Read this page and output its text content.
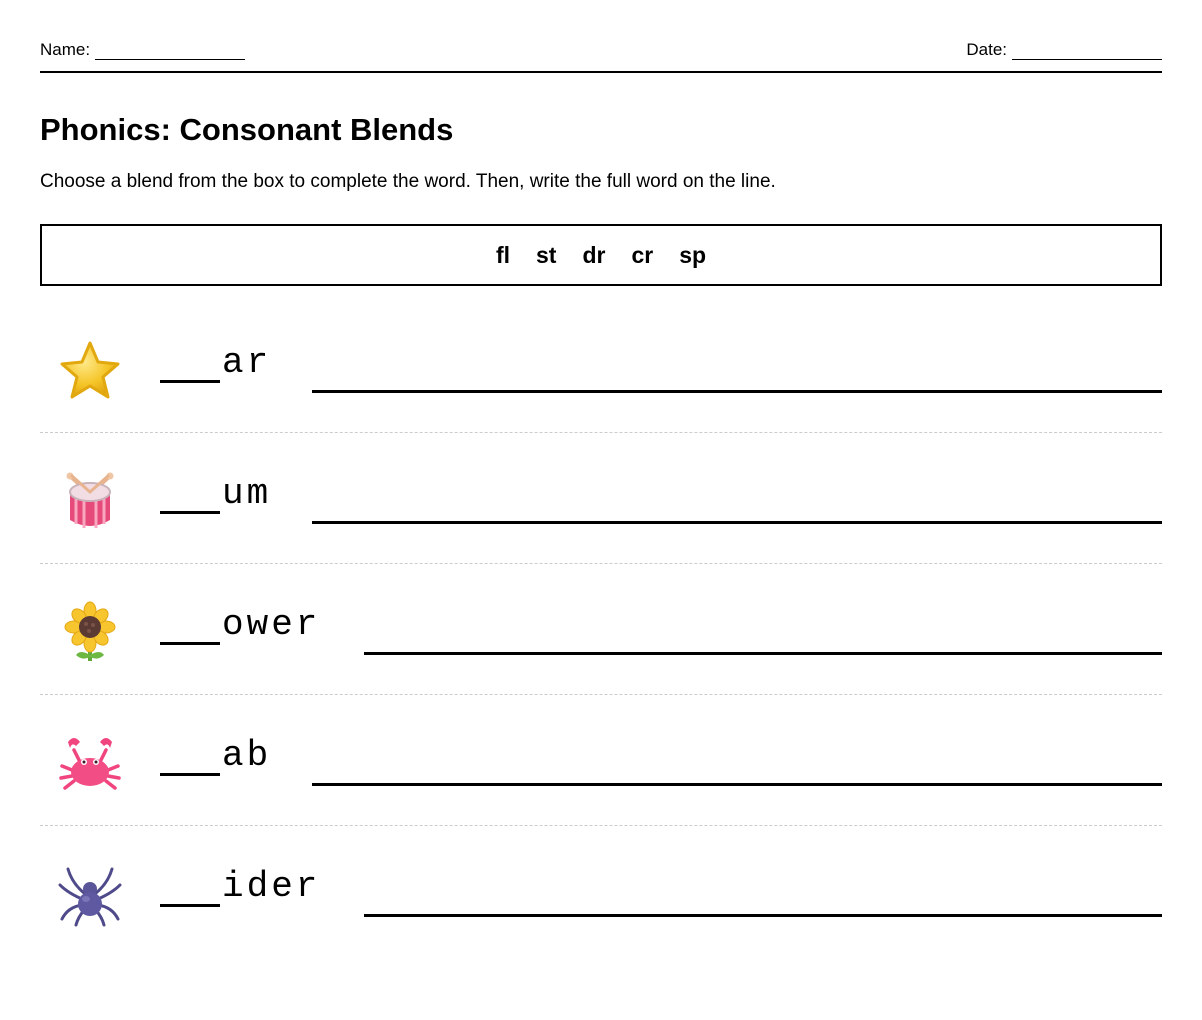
Name:	Date:
Phonics: Consonant Blends

Choose a blend from the box to complete the word. Then, write the full word on the line.

fl st dr cr sp
ar
um
ower
ab
ider
